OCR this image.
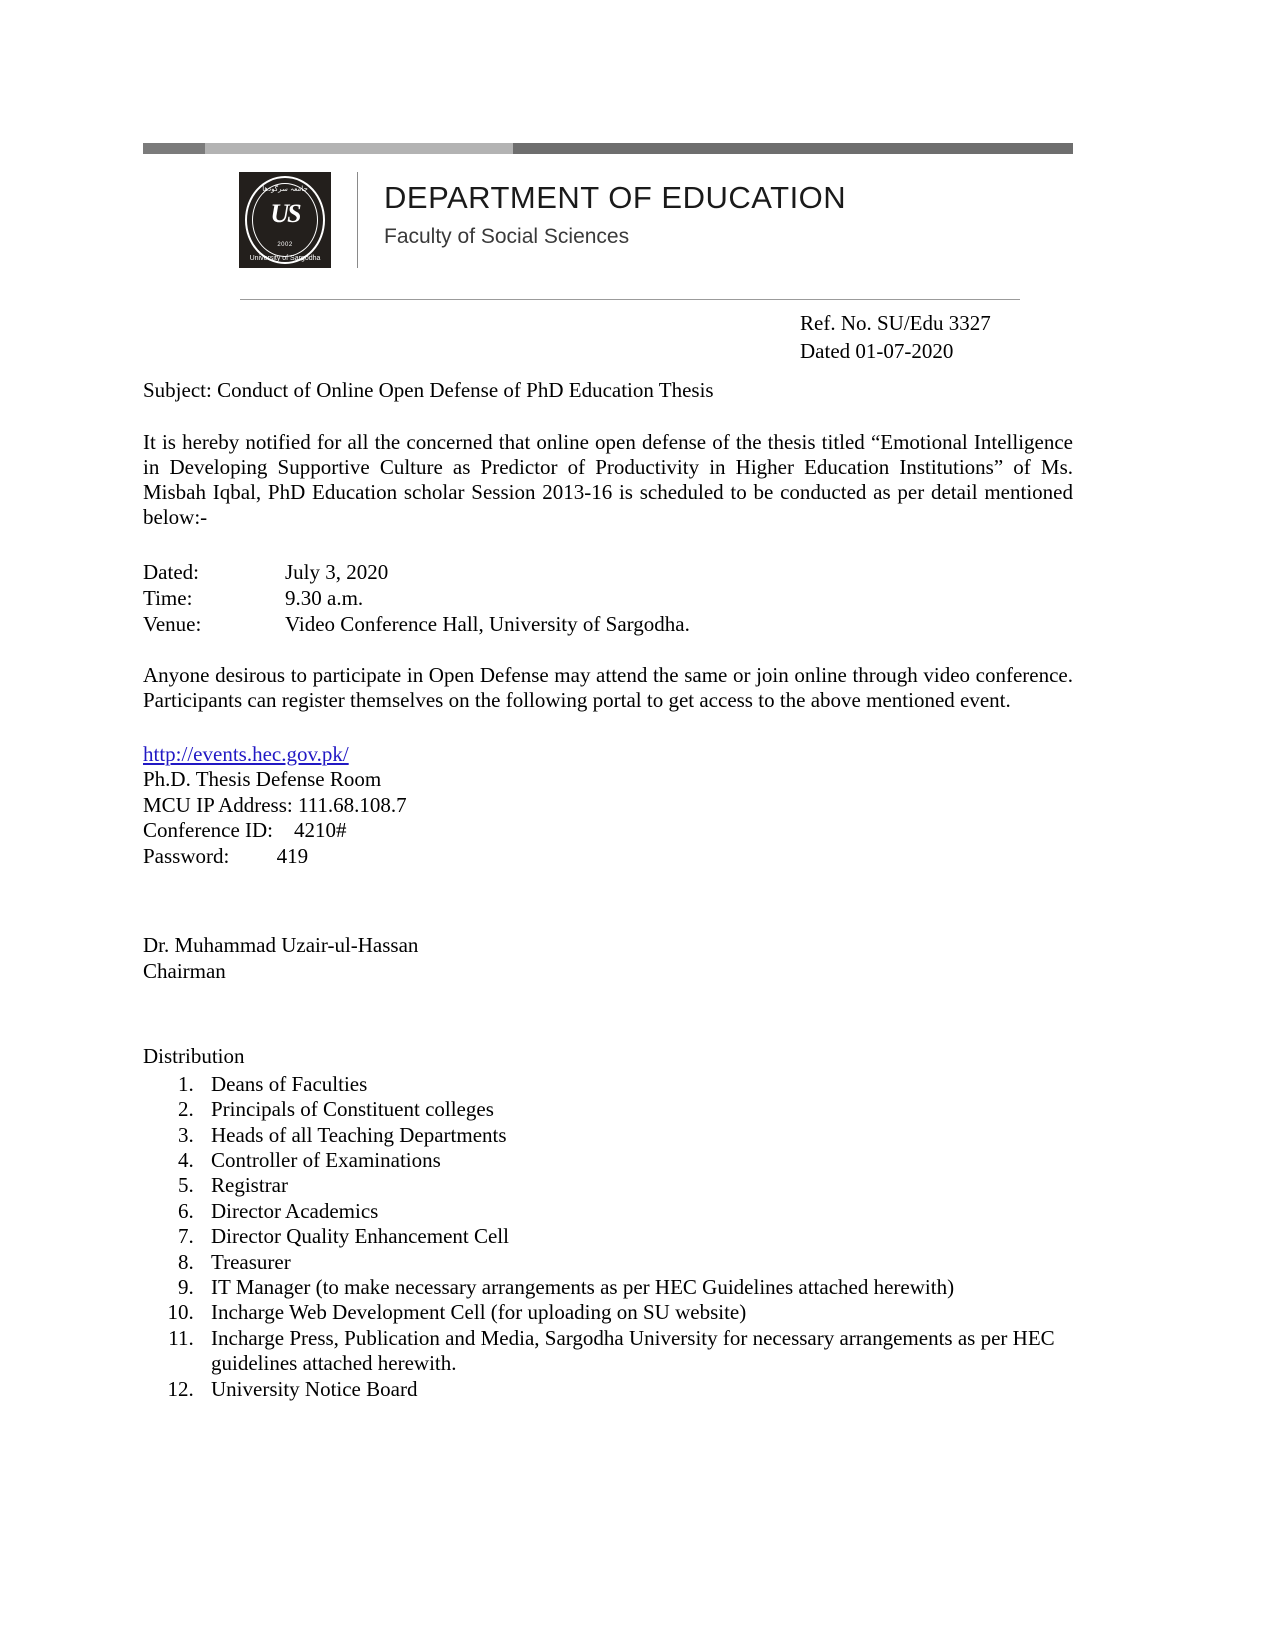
جامعہ سرگودھا
US
2002
University of Sargodha
DEPARTMENT OF EDUCATION
Faculty of Social Sciences
Ref. No. SU/Edu 3327
Dated 01-07-2020
Subject: Conduct of Online Open Defense of PhD Education Thesis
It is hereby notified for all the concerned that online open defense of the thesis titled “Emotional Intelligence in Developing Supportive Culture as Predictor of Productivity in Higher Education Institutions” of Ms. Misbah Iqbal, PhD Education scholar Session 2013-16 is scheduled to be conducted as per detail mentioned below:-
Dated:	July 3, 2020
Time:	9.30 a.m.
Venue:	Video Conference Hall, University of Sargodha.
Anyone desirous to participate in Open Defense may attend the same or join online through video conference. Participants can register themselves on the following portal to get access to the above mentioned event.
http://events.hec.gov.pk/
Ph.D. Thesis Defense Room
MCU IP Address: 111.68.108.7
Conference ID: 4210#
Password: 419
Dr. Muhammad Uzair-ul-Hassan
Chairman
Distribution
1. Deans of Faculties
2. Principals of Constituent colleges
3. Heads of all Teaching Departments
4. Controller of Examinations
5. Registrar
6. Director Academics
7. Director Quality Enhancement Cell
8. Treasurer
9. IT Manager (to make necessary arrangements as per HEC Guidelines attached herewith)
10. Incharge Web Development Cell (for uploading on SU website)
11. Incharge Press, Publication and Media, Sargodha University for necessary arrangements as per HEC guidelines attached herewith.
12. University Notice Board
